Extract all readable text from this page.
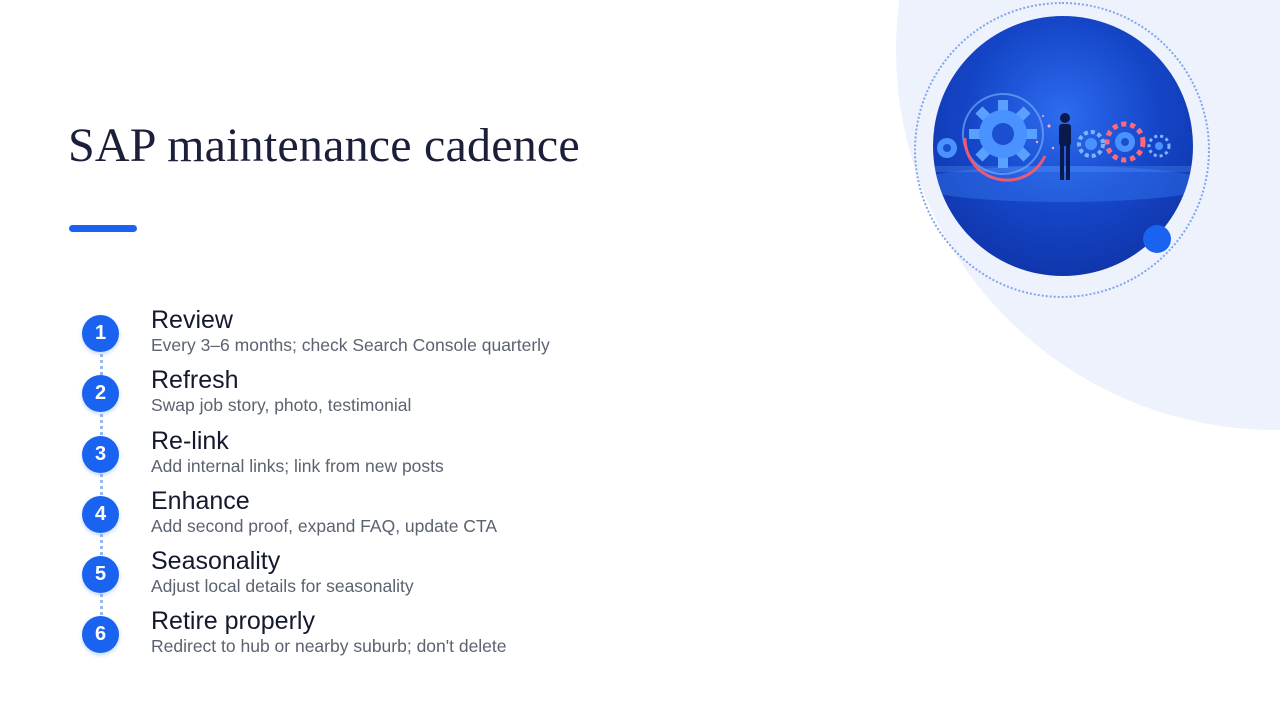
SAP maintenance cadence
1	Review
Every 3–6 months; check Search Console quarterly
2	Refresh
Swap job story, photo, testimonial
3	Re-link
Add internal links; link from new posts
4	Enhance
Add second proof, expand FAQ, update CTA
5	Seasonality
Adjust local details for seasonality
6	Retire properly
Redirect to hub or nearby suburb; don't delete
